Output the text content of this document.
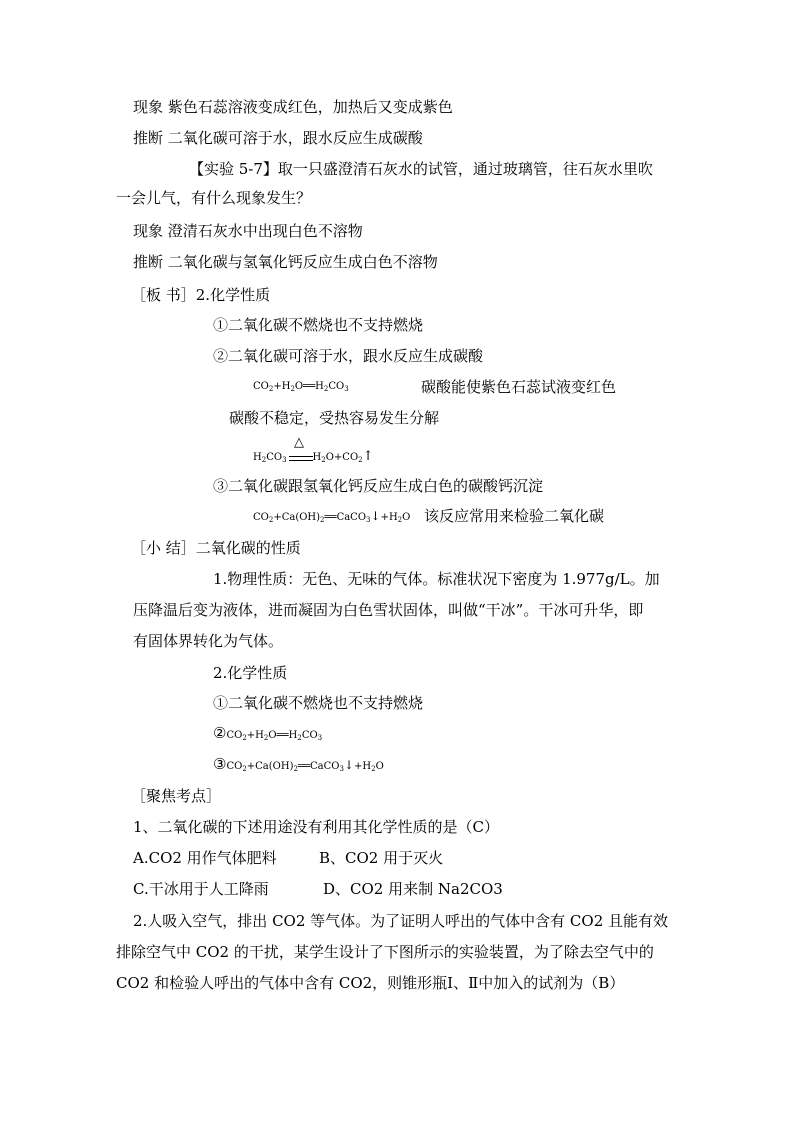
现象 紫色石蕊溶液变成红色，加热后又变成紫色
推断 二氧化碳可溶于水，跟水反应生成碳酸
【实验 5-7】取一只盛澄清石灰水的试管，通过玻璃管，往石灰水里吹
一会儿气，有什么现象发生？
现象 澄清石灰水中出现白色不溶物
推断 二氧化碳与氢氧化钙反应生成白色不溶物
［板 书］2.化学性质
①二氧化碳不燃烧也不支持燃烧
②二氧化碳可溶于水，跟水反应生成碳酸
$CO_2+H_2O══H_2CO_3$	碳酸能使紫色石蕊试液变红色
碳酸不稳定，受热容易发生分解
$H_2CO_3$	$H_2O+CO_2↑$
△
③二氧化碳跟氢氧化钙反应生成白色的碳酸钙沉淀
$CO_2+Ca(OH)_2══CaCO_3↓+H_2O$ 该反应常用来检验二氧化碳
［小 结］二氧化碳的性质
1.物理性质：无色、无味的气体。标准状况下密度为 1.977g/L。加
压降温后变为液体，进而凝固为白色雪状固体，叫做“干冰”。干冰可升华，即
有固体界转化为气体。
2.化学性质
①二氧化碳不燃烧也不支持燃烧
$②CO_2+H_2O══H_2CO_3$
$③CO_2+Ca(OH)_2══CaCO_3↓+H_2O$
［聚焦考点］
1、二氧化碳的下述用途没有利用其化学性质的是（C）
A.CO2 用作气体肥料	B、CO2 用于灭火
C.干冰用于人工降雨	D、CO2 用来制 Na2CO3
2.人吸入空气，排出 CO2 等气体。为了证明人呼出的气体中含有 CO2 且能有效
排除空气中 CO2 的干扰，某学生设计了下图所示的实验装置，为了除去空气中的
CO2 和检验人呼出的气体中含有 CO2，则锥形瓶Ⅰ、Ⅱ中加入的试剂为（B）
